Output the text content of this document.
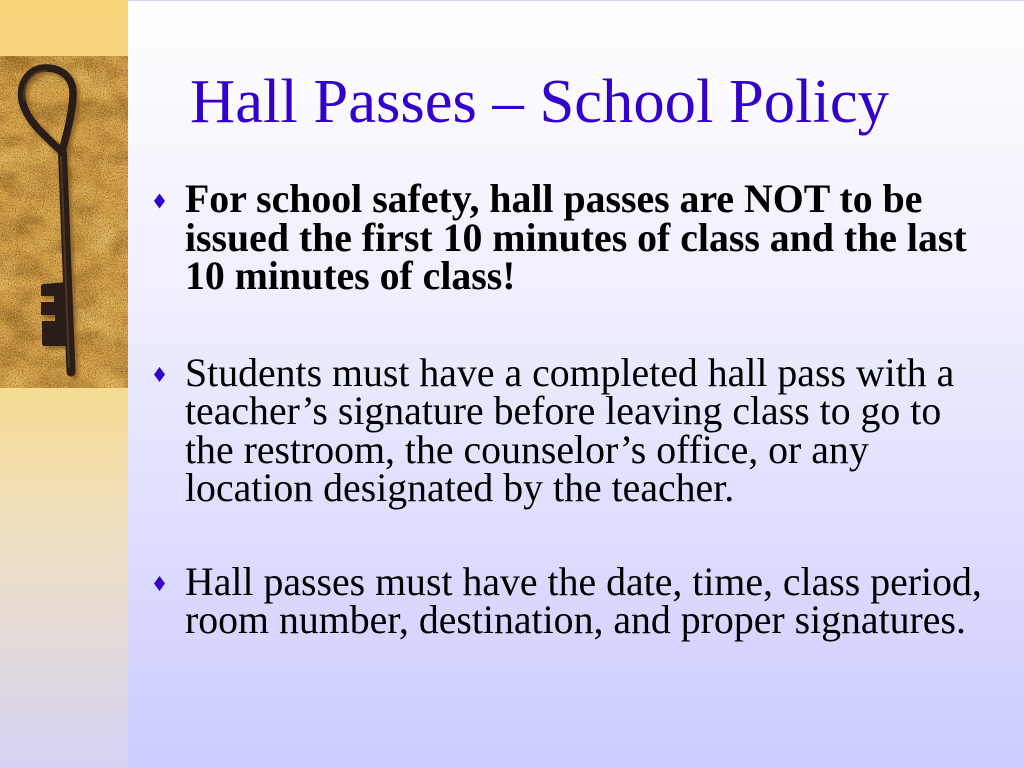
Hall Passes – School Policy
For school safety, hall passes are NOT to be
issued the first 10 minutes of class and the last
10 minutes of class!
Students must have a completed hall pass with a
teacher’s signature before leaving class to go to
the restroom, the counselor’s office, or any
location designated by the teacher.
Hall passes must have the date, time, class period,
room number, destination, and proper signatures.
